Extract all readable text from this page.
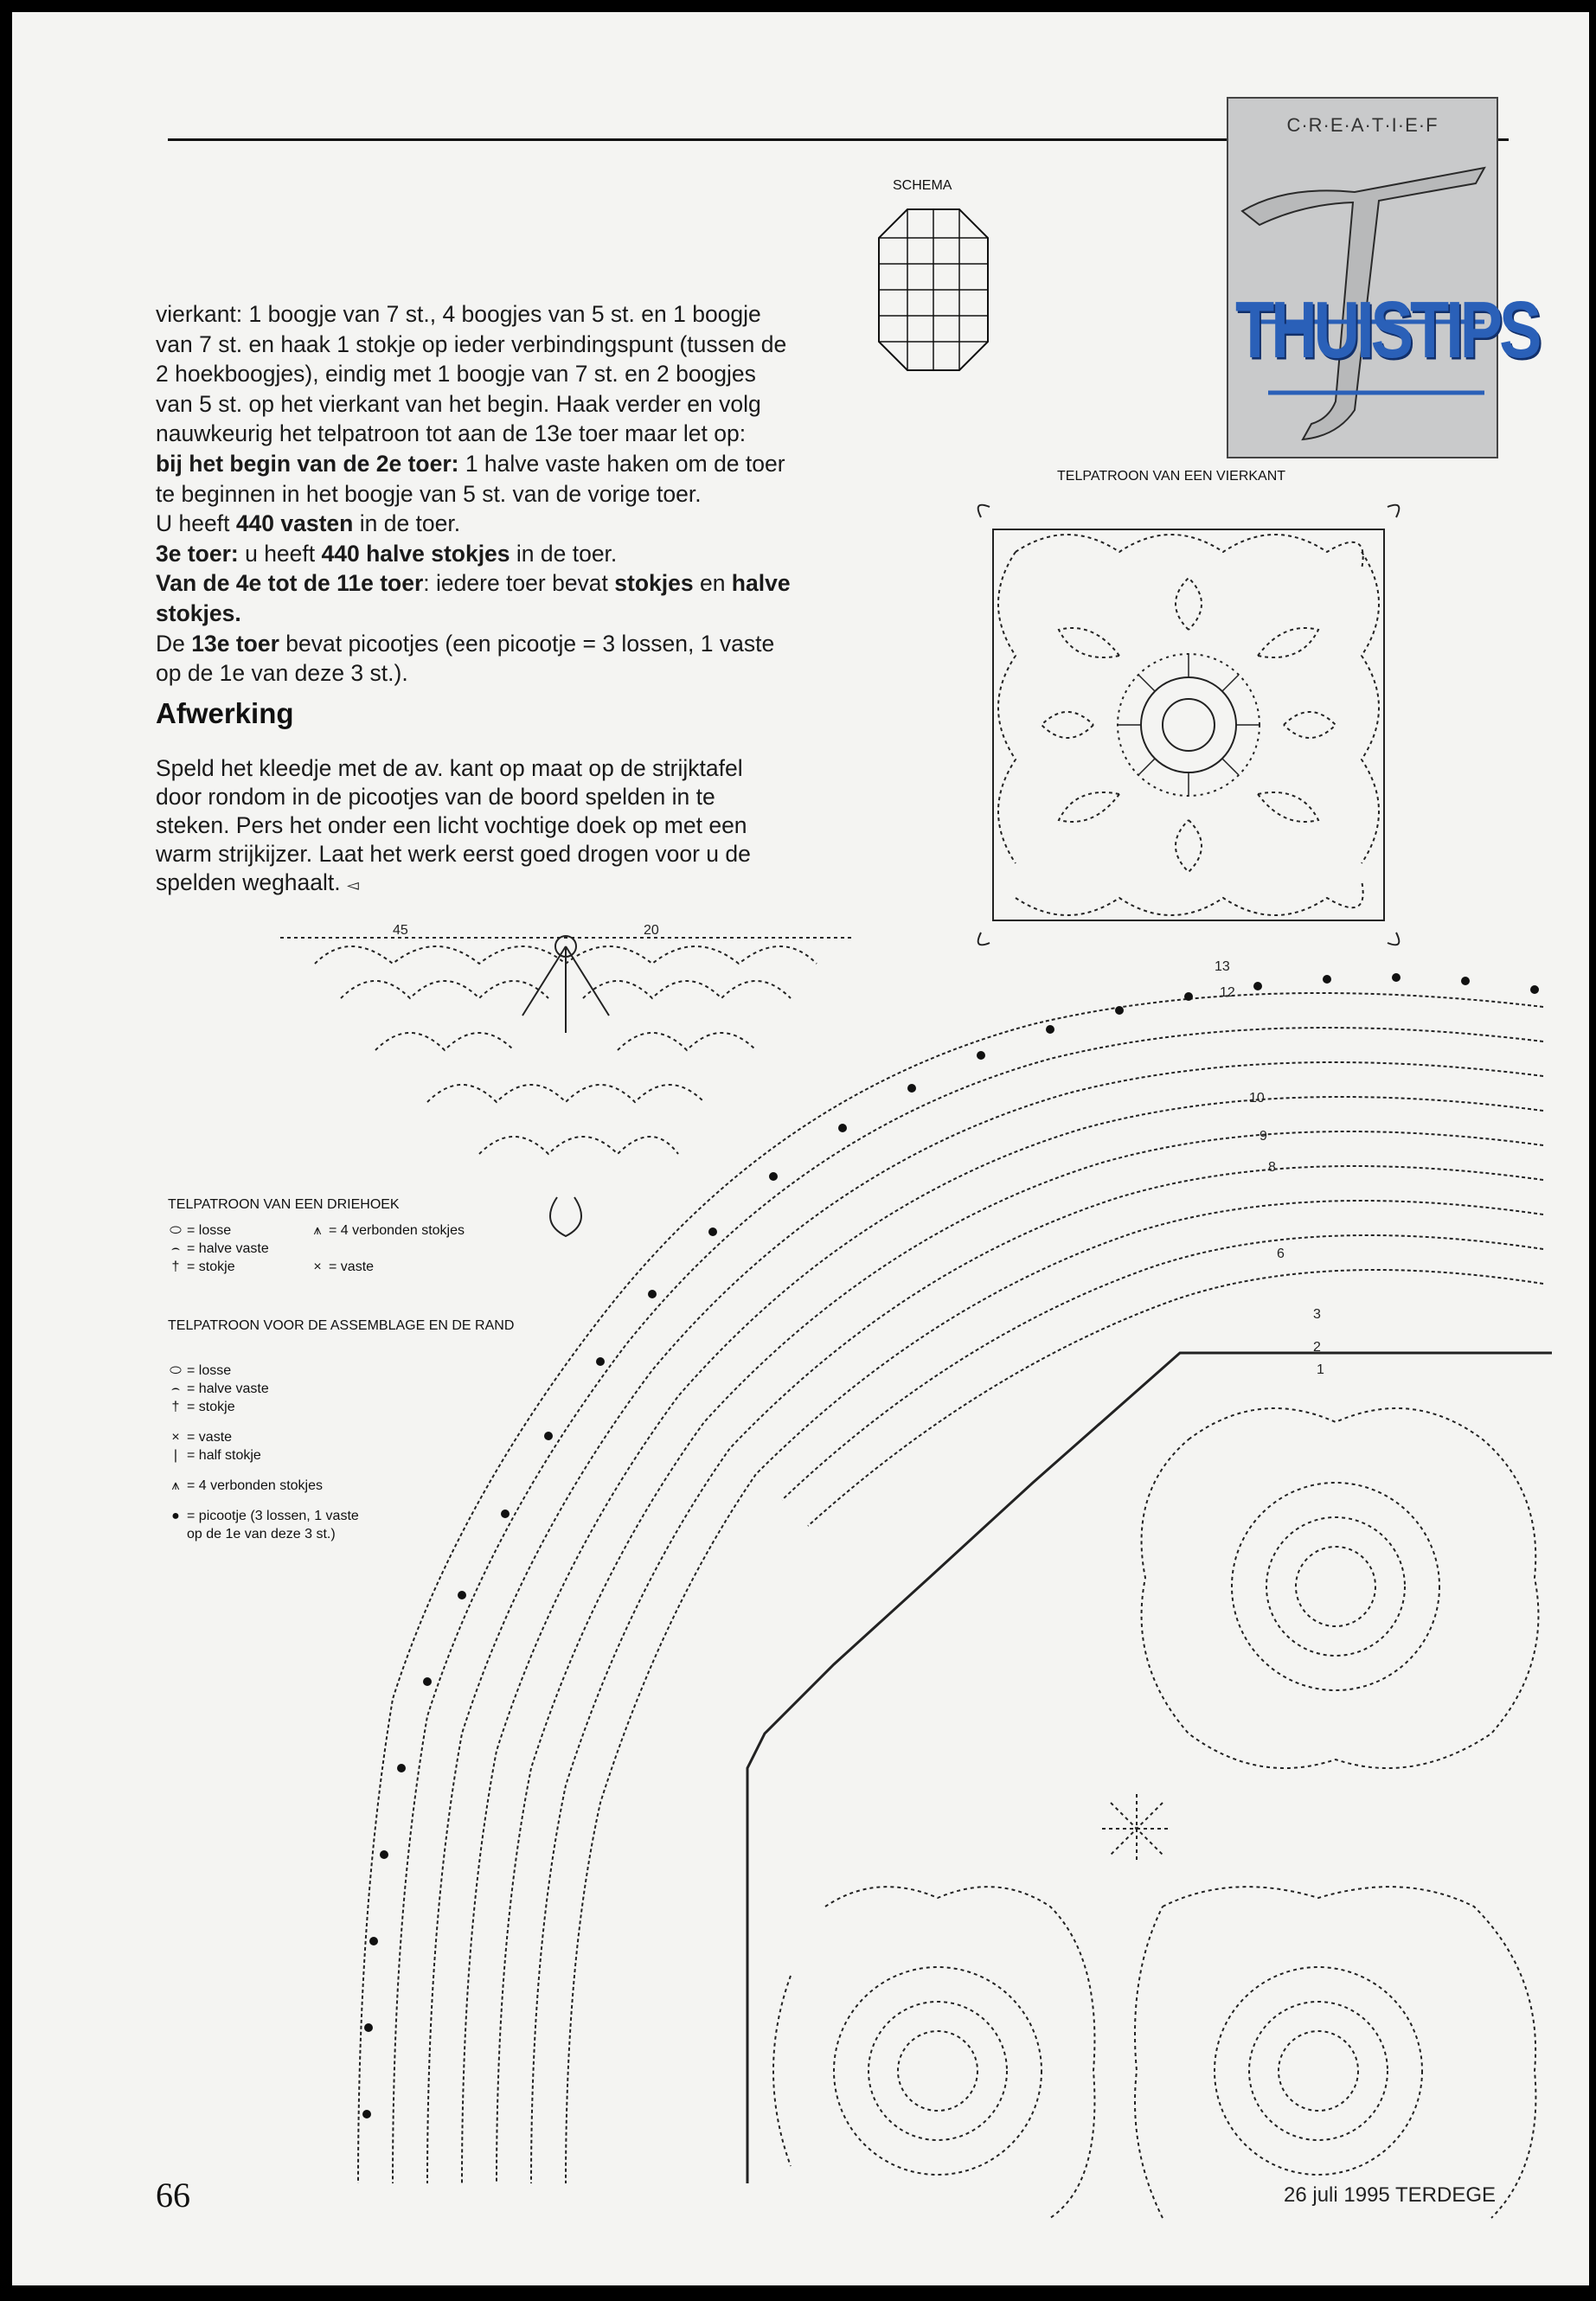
C·R·E·A·T·I·E·F
THUISTIPS
SCHEMA

vierkant: 1 boogje van 7 st., 4 boogjes van 5 st. en 1 boogje

van 7 st. en haak 1 stokje op ieder verbindingspunt (tussen de

2 hoekboogjes), eindig met 1 boogje van 7 st. en 2 boogjes

van 5 st. op het vierkant van het begin. Haak verder en volg

nauwkeurig het telpatroon tot aan de 13e toer maar let op:

bij het begin van de 2e toer: 1 halve vaste haken om de toer

te beginnen in het boogje van 5 st. van de vorige toer.

U heeft 440 vasten in de toer.

3e toer: u heeft 440 halve stokjes in de toer.

Van de 4e tot de 11e toer: iedere toer bevat stokjes en halve

stokjes.

De 13e toer bevat picootjes (een picootje = 3 lossen, 1 vaste

op de 1e van deze 3 st.).

Afwerking
Speld het kleedje met de av. kant op maat op de strijktafel
door rondom in de picootjes van de boord spelden in te
steken. Pers het onder een licht vochtige doek op met een
warm strijkijzer. Laat het werk eerst goed drogen voor u de
spelden weghaalt. ◅
TELPATROON VAN EEN VIERKANT
45	20
TELPATROON VAN EEN DRIEHOEK
⬭ = losse
⌢ = halve vaste
† = stokje
⩚ = 4 verbonden stokjes
× = vaste
TELPATROON VOOR DE ASSEMBLAGE EN DE RAND
⬭ = losse
⌢ = halve vaste
† = stokje
× = vaste
| = half stokje
⩚ = 4 verbonden stokjes
● = picootje (3 lossen, 1 vaste
op de 1e van deze 3 st.)
13
12
10
9
8
6
3
2
1
66	26 juli 1995 TERDEGE
